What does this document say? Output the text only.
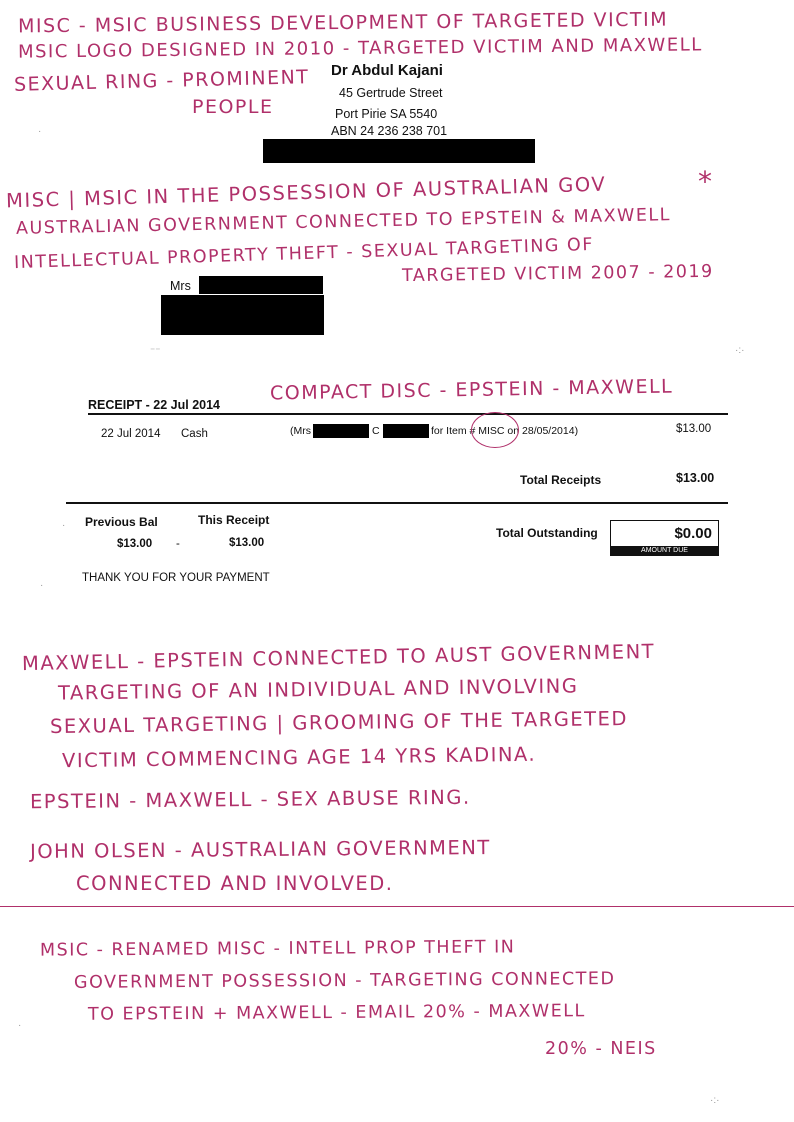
MISC - MSIC BUSINESS DEVELOPMENT OF TARGETED VICTIM
MSIC LOGO DESIGNED IN 2010 - TARGETED VICTIM AND MAXWELL
SEXUAL RING - PROMINENT
PEOPLE
Dr Abdul Kajani
45 Gertrude Street
Port Pirie SA 5540
ABN 24 236 238 701
MISC | MSIC IN THE POSSESSION OF AUSTRALIAN GOV	*
AUSTRALIAN GOVERNMENT CONNECTED TO EPSTEIN & MAXWELL
INTELLECTUAL PROPERTY THEFT - SEXUAL TARGETING OF
TARGETED VICTIM 2007 - 2019
Mrs
⁻⁻	·:·
RECEIPT - 22 Jul 2014
COMPACT DISC - EPSTEIN - MAXWELL
22 Jul 2014 Cash	(Mrs	C	for Item # MISC on 28/05/2014)	$13.00
Total Receipts	$13.00
Previous Bal	This Receipt
$13.00 -	$13.00
Total Outstanding	$0.00
AMOUNT DUE
THANK YOU FOR YOUR PAYMENT
·
·
·
MAXWELL - EPSTEIN CONNECTED TO AUST GOVERNMENT
TARGETING OF AN INDIVIDUAL AND INVOLVING
SEXUAL TARGETING | GROOMING OF THE TARGETED
VICTIM COMMENCING AGE 14 YRS KADINA.
EPSTEIN - MAXWELL - SEX ABUSE RING.
JOHN OLSEN - AUSTRALIAN GOVERNMENT
CONNECTED AND INVOLVED.
MSIC - RENAMED MISC - INTELL PROP THEFT IN
GOVERNMENT POSSESSION - TARGETING CONNECTED
TO EPSTEIN + MAXWELL - EMAIL 20% - MAXWELL
20% - NEIS
·:·
·
